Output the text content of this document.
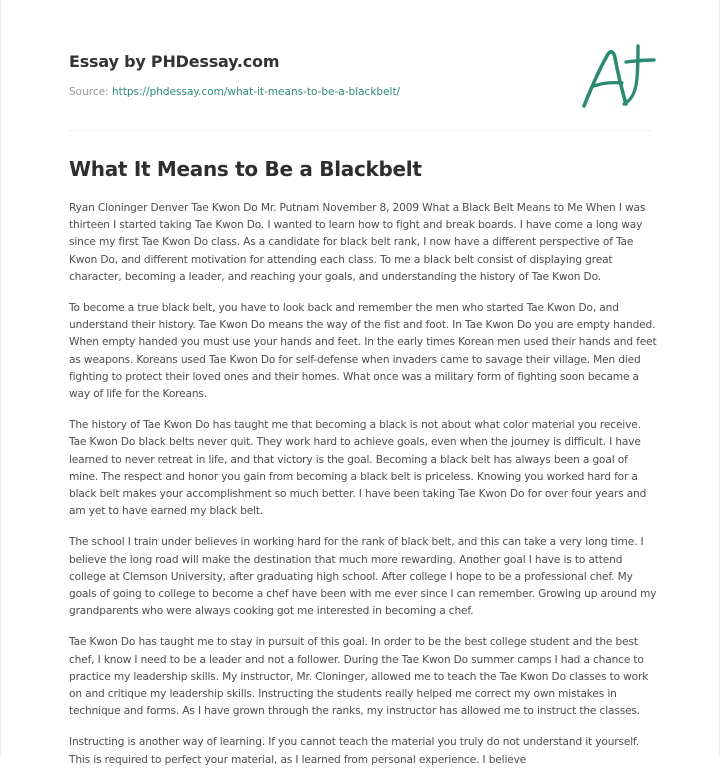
Essay by PHDessay.com
Source: https://phdessay.com/what-it-means-to-be-a-blackbelt/
What It Means to Be a Blackbelt

Ryan Cloninger Denver Tae Kwon Do Mr. Putnam November 8, 2009 What a Black Belt Means to Me When I was thirteen I started taking Tae Kwon Do. I wanted to learn how to fight and break boards. I have come a long way since my first Tae Kwon Do class. As a candidate for black belt rank, I now have a different perspective of Tae Kwon Do, and different motivation for attending each class. To me a black belt consist of displaying great character, becoming a leader, and reaching your goals, and understanding the history of Tae Kwon Do.

To become a true black belt, you have to look back and remember the men who started Tae Kwon Do, and understand their history. Tae Kwon Do means the way of the fist and foot. In Tae Kwon Do you are empty handed. When empty handed you must use your hands and feet. In the early times Korean men used their hands and feet as weapons. Koreans used Tae Kwon Do for self-defense when invaders came to savage their village. Men died fighting to protect their loved ones and their homes. What once was a military form of fighting soon became a way of life for the Koreans.

The history of Tae Kwon Do has taught me that becoming a black is not about what color material you receive. Tae Kwon Do black belts never quit. They work hard to achieve goals, even when the journey is difficult. I have learned to never retreat in life, and that victory is the goal. Becoming a black belt has always been a goal of mine. The respect and honor you gain from becoming a black belt is priceless. Knowing you worked hard for a black belt makes your accomplishment so much better. I have been taking Tae Kwon Do for over four years and am yet to have earned my black belt.

The school I train under believes in working hard for the rank of black belt, and this can take a very long time. I believe the long road will make the destination that much more rewarding. Another goal I have is to attend college at Clemson University, after graduating high school. After college I hope to be a professional chef. My goals of going to college to become a chef have been with me ever since I can remember. Growing up around my grandparents who were always cooking got me interested in becoming a chef.

Tae Kwon Do has taught me to stay in pursuit of this goal. In order to be the best college student and the best chef, I know I need to be a leader and not a follower. During the Tae Kwon Do summer camps I had a chance to practice my leadership skills. My instructor, Mr. Cloninger, allowed me to teach the Tae Kwon Do classes to work on and critique my leadership skills. Instructing the students really helped me correct my own mistakes in technique and forms. As I have grown through the ranks, my instructor has allowed me to instruct the classes.

Instructing is another way of learning. If you cannot teach the material you truly do not understand it yourself. This is required to perfect your material, as I learned from personal experience. I believe
